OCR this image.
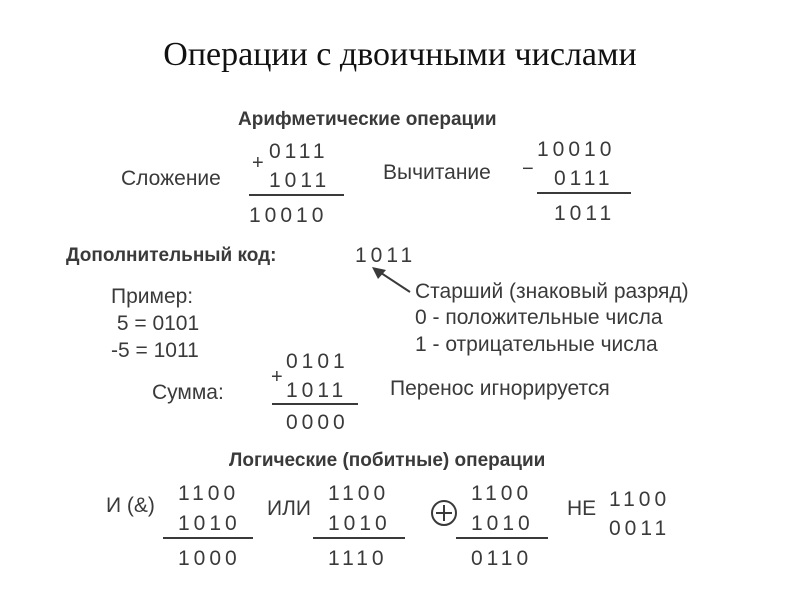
Операции с двоичными числами
Арифметические операции
Сложение
+ 0111
1011
10010
Вычитание −
10010
0111
1011
Дополнительный код:	1011
Старший (знаковый разряд)
0 - положительные числа
1 - отрицательные числа
Пример:
5 = 0101
-5 = 1011
Сумма:
+
0101
1011
0000
Перенос игнорируется
Логические (побитные) операции
И (&)
1100
1010
1000
ИЛИ
1100
1010
1110
1100
1010
0110
НЕ 1100
0011
